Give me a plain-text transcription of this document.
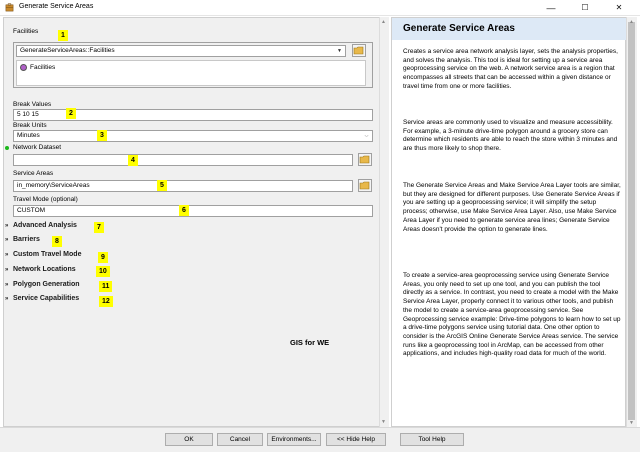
Generate Service Areas	—	☐	✕
▲
▼
Facilities
1
GenerateServiceAreas::Facilities	▼
Facilities
Break Values
5 10 15	2
Break Units
Minutes	⌵
3
Network Dataset
4
Service Areas
in_memory\ServiceAreas	5
Travel Mode (optional)
CUSTOM	6
» Advanced Analysis	7
» Barriers	8
» Custom Travel Mode	9
» Network Locations	10
» Polygon Generation	11
» Service Capabilities	12
GIS for WE
Generate Service Areas

Creates a service area network analysis layer, sets the analysis properties, and solves the analysis. This tool is ideal for setting up a service area geoprocessing service on the web. A network service area is a region that encompasses all streets that can be accessed within a given distance or travel time from one or more facilities.

Service areas are commonly used to visualize and measure accessibility. For example, a 3-minute drive-time polygon around a grocery store can determine which residents are able to reach the store within 3 minutes and are thus more likely to shop there.

The Generate Service Areas and Make Service Area Layer tools are similar, but they are designed for different purposes. Use Generate Service Areas if you are setting up a geoprocessing service; it will simplify the setup process; otherwise, use Make Service Area Layer. Also, use Make Service Area Layer if you need to generate service area lines; Generate Service Areas doesn't provide the option to generate lines.

To create a service-area geoprocessing service using Generate Service Areas, you only need to set up one tool, and you can publish the tool directly as a service. In contrast, you need to create a model with the Make Service Area Layer, properly connect it to various other tools, and publish the model to create a service-area geoprocessing service. See Geoprocessing service example: Drive-time polygons to learn how to set up a drive-time polygons service using tutorial data. One other option to consider is the ArcGIS Online Generate Service Areas service. The service runs like a geoprocessing tool in ArcMap, can be accessed from other applications, and includes high-quality road data for much of the world.

▲
▼
OK	Cancel	Environments...	<< Hide Help	Tool Help
